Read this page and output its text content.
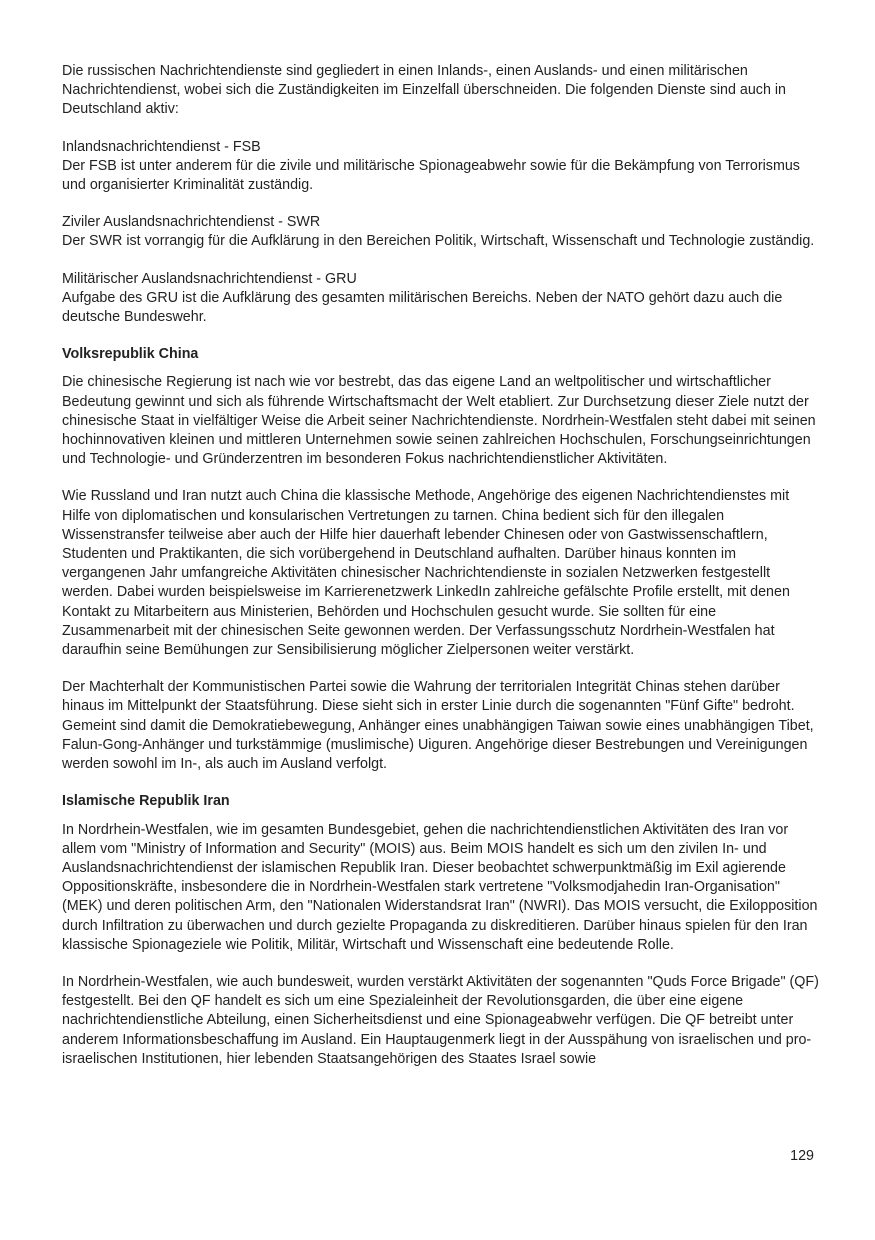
Die russischen Nachrichtendienste sind gegliedert in einen Inlands-, einen Auslands- und einen militärischen Nachrichtendienst, wobei sich die Zuständigkeiten im Einzelfall überschneiden. Die folgenden Dienste sind auch in Deutschland aktiv:

Inlandsnachrichtendienst - FSB
Der FSB ist unter anderem für die zivile und militärische Spionageabwehr sowie für die Bekämpfung von Terrorismus und organisierter Kriminalität zuständig.
Ziviler Auslandsnachrichtendienst - SWR
Der SWR ist vorrangig für die Aufklärung in den Bereichen Politik, Wirtschaft, Wissenschaft und Technologie zuständig.
Militärischer Auslandsnachrichtendienst - GRU
Aufgabe des GRU ist die Aufklärung des gesamten militärischen Bereichs. Neben der NATO gehört dazu auch die deutsche Bundeswehr.
Volksrepublik China

Die chinesische Regierung ist nach wie vor bestrebt, das das eigene Land an weltpolitischer und wirtschaftlicher Bedeutung gewinnt und sich als führende Wirtschaftsmacht der Welt etabliert. Zur Durchsetzung dieser Ziele nutzt der chinesische Staat in vielfältiger Weise die Arbeit seiner Nachrichtendienste. Nordrhein-Westfalen steht dabei mit seinen hochinnovativen kleinen und mittleren Unternehmen sowie seinen zahlreichen Hochschulen, Forschungseinrichtungen und Technologie- und Gründerzentren im besonderen Fokus nachrichtendienstlicher Aktivitäten.

Wie Russland und Iran nutzt auch China die klassische Methode, Angehörige des eigenen Nachrichtendienstes mit Hilfe von diplomatischen und konsularischen Vertretungen zu tarnen. China bedient sich für den illegalen Wissenstransfer teilweise aber auch der Hilfe hier dauerhaft lebender Chinesen oder von Gastwissenschaftlern, Studenten und Praktikanten, die sich vorübergehend in Deutschland aufhalten. Darüber hinaus konnten im vergangenen Jahr umfangreiche Aktivitäten chinesischer Nachrichtendienste in sozialen Netzwerken festgestellt werden. Dabei wurden beispielsweise im Karrierenetzwerk LinkedIn zahlreiche gefälschte Profile erstellt, mit denen Kontakt zu Mitarbeitern aus Ministerien, Behörden und Hochschulen gesucht wurde. Sie sollten für eine Zusammenarbeit mit der chinesischen Seite gewonnen werden. Der Verfassungsschutz Nordrhein-Westfalen hat daraufhin seine Bemühungen zur Sensibilisierung möglicher Zielpersonen weiter verstärkt.

Der Machterhalt der Kommunistischen Partei sowie die Wahrung der territorialen Integrität Chinas stehen darüber hinaus im Mittelpunkt der Staatsführung. Diese sieht sich in erster Linie durch die sogenannten "Fünf Gifte" bedroht. Gemeint sind damit die Demokratiebewegung, Anhänger eines unabhängigen Taiwan sowie eines unabhängigen Tibet, Falun-Gong-Anhänger und turkstämmige (muslimische) Uiguren. Angehörige dieser Bestrebungen und Vereinigungen werden sowohl im In-, als auch im Ausland verfolgt.

Islamische Republik Iran

In Nordrhein-Westfalen, wie im gesamten Bundesgebiet, gehen die nachrichtendienstlichen Aktivitäten des Iran vor allem vom "Ministry of Information and Security" (MOIS) aus. Beim MOIS handelt es sich um den zivilen In- und Auslandsnachrichtendienst der islamischen Republik Iran. Dieser beobachtet schwerpunktmäßig im Exil agierende Oppositionskräfte, insbesondere die in Nordrhein-Westfalen stark vertretene "Volksmodjahedin Iran-Organisation" (MEK) und deren politischen Arm, den "Nationalen Widerstandsrat Iran" (NWRI). Das MOIS versucht, die Exilopposition durch Infiltration zu überwachen und durch gezielte Propaganda zu diskreditieren. Darüber hinaus spielen für den Iran klassische Spionageziele wie Politik, Militär, Wirtschaft und Wissenschaft eine bedeutende Rolle.

In Nordrhein-Westfalen, wie auch bundesweit, wurden verstärkt Aktivitäten der sogenannten "Quds Force Brigade" (QF) festgestellt. Bei den QF handelt es sich um eine Spezialeinheit der Revolutionsgarden, die über eine eigene nachrichtendienstliche Abteilung, einen Sicherheitsdienst und eine Spionageabwehr verfügen. Die QF betreibt unter anderem Informationsbeschaffung im Ausland. Ein Hauptaugenmerk liegt in der Ausspähung von israelischen und pro-israelischen Institutionen, hier lebenden Staatsangehörigen des Staates Israel sowie

129
